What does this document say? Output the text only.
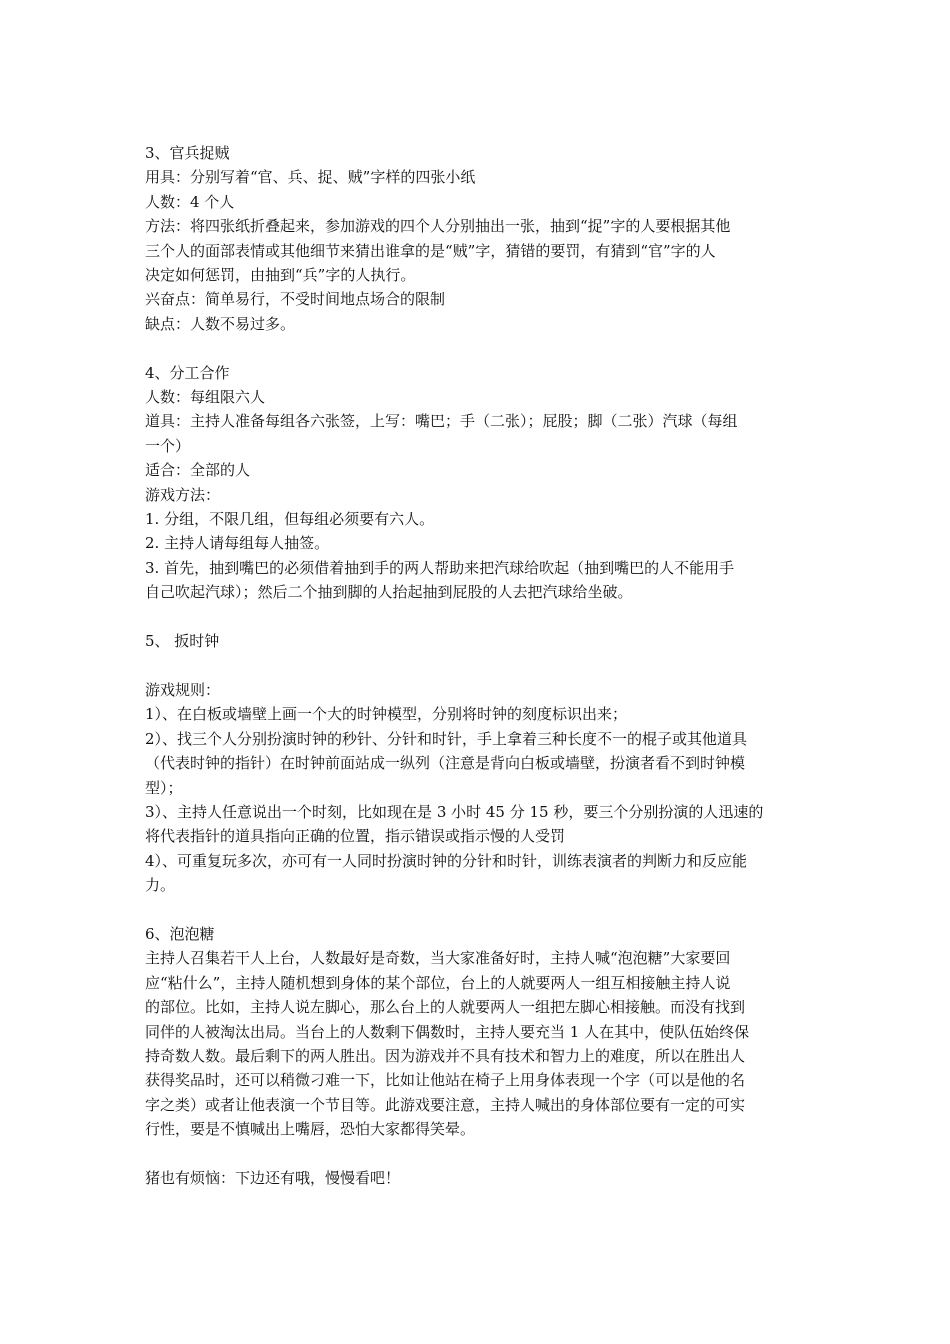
3、官兵捉贼

用具：分别写着“官、兵、捉、贼”字样的四张小纸

人数：4 个人

方法：将四张纸折叠起来，参加游戏的四个人分别抽出一张，抽到“捉”字的人要根据其他

三个人的面部表情或其他细节来猜出谁拿的是“贼”字，猜错的要罚，有猜到“官”字的人

决定如何惩罚，由抽到“兵”字的人执行。

兴奋点：简单易行，不受时间地点场合的限制

缺点：人数不易过多。

4、分工合作

人数：每组限六人

道具：主持人准备每组各六张签，上写：嘴巴；手（二张）；屁股；脚（二张）汽球（每组

一个）

适合：全部的人

游戏方法：

1. 分组，不限几组，但每组必须要有六人。

2. 主持人请每组每人抽签。

3. 首先，抽到嘴巴的必须借着抽到手的两人帮助来把汽球给吹起（抽到嘴巴的人不能用手

自己吹起汽球）；然后二个抽到脚的人抬起抽到屁股的人去把汽球给坐破。

5、 扳时钟

游戏规则：

1）、在白板或墙壁上画一个大的时钟模型，分别将时钟的刻度标识出来；

2）、找三个人分别扮演时钟的秒针、分针和时针，手上拿着三种长度不一的棍子或其他道具

（代表时钟的指针）在时钟前面站成一纵列（注意是背向白板或墙壁，扮演者看不到时钟模

型）；

3）、主持人任意说出一个时刻，比如现在是 3 小时 45 分 15 秒，要三个分别扮演的人迅速的

将代表指针的道具指向正确的位置，指示错误或指示慢的人受罚

4）、可重复玩多次，亦可有一人同时扮演时钟的分针和时针，训练表演者的判断力和反应能

力。

6、泡泡糖

主持人召集若干人上台，人数最好是奇数，当大家准备好时，主持人喊“泡泡糖”大家要回

应“粘什么”，主持人随机想到身体的某个部位，台上的人就要两人一组互相接触主持人说

的部位。比如，主持人说左脚心，那么台上的人就要两人一组把左脚心相接触。而没有找到

同伴的人被淘汰出局。当台上的人数剩下偶数时，主持人要充当 1 人在其中，使队伍始终保

持奇数人数。最后剩下的两人胜出。因为游戏并不具有技术和智力上的难度，所以在胜出人

获得奖品时，还可以稍微刁难一下，比如让他站在椅子上用身体表现一个字（可以是他的名

字之类）或者让他表演一个节目等。此游戏要注意，主持人喊出的身体部位要有一定的可实

行性，要是不慎喊出上嘴唇，恐怕大家都得笑晕。

猪也有烦恼：下边还有哦，慢慢看吧！
